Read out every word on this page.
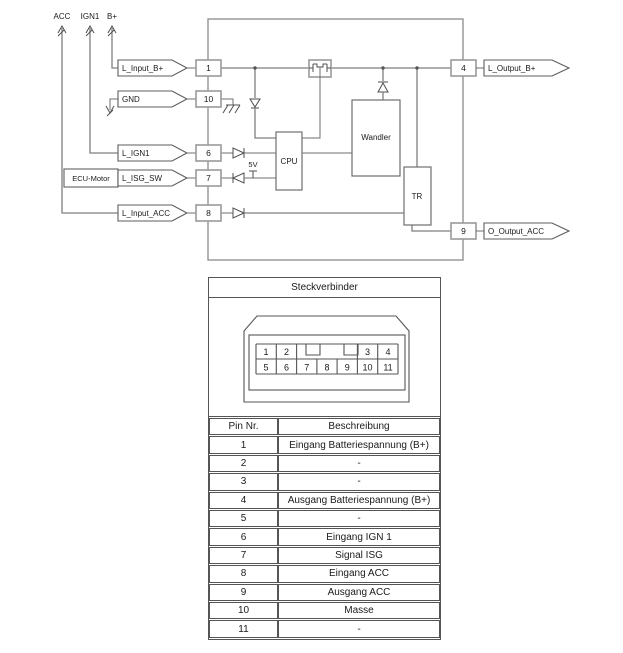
CPU
Wandler
TR
5V
ECU-Motor
ACC IGN1 B+
L_Input_B+
GND
L_IGN1
L_ISG_SW
L_Input_ACC
1
10
6
7
8
4	L_Output_B+
9	O_Output_ACC
Steckverbinder
1 2	3 4
5 6 7 8 9 10 11
Pin Nr.	Beschreibung
1	Eingang Batteriespannung (B+)
2	-
3	-
4	Ausgang Batteriespannung (B+)
5	-
6	Eingang IGN 1
7	Signal ISG
8	Eingang ACC
9	Ausgang ACC
10	Masse
11	-
